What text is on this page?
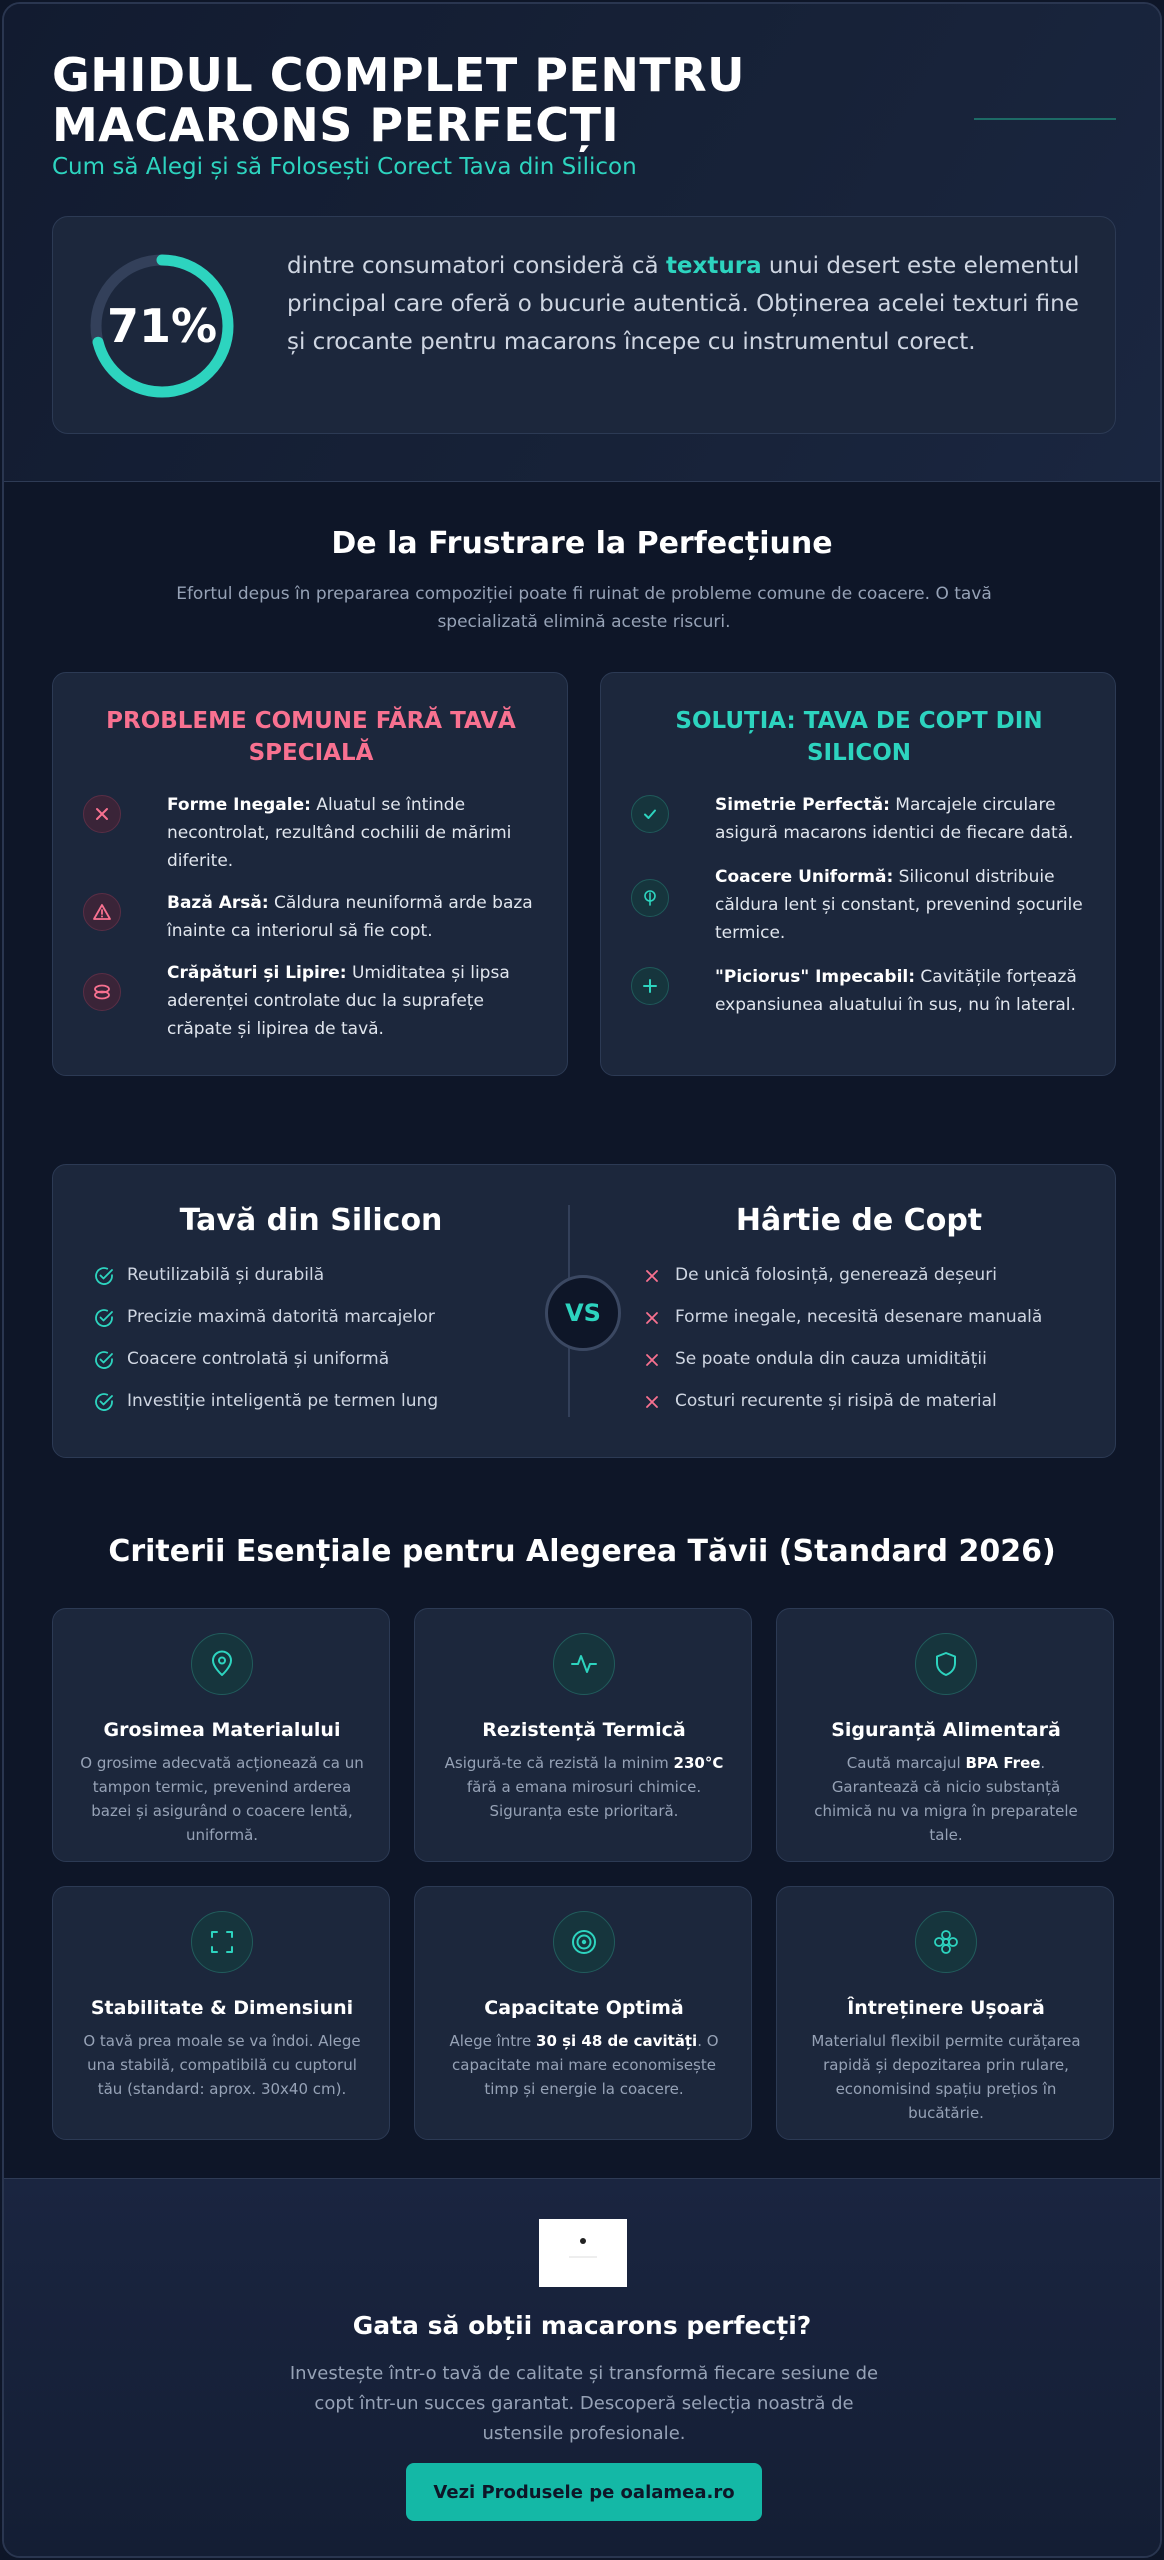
GHIDUL COMPLET PENTRU MACARONS PERFECȚI
Cum să Alegi și să Folosești Corect Tava din Silicon
71%
dintre consumatori consideră că textura unui desert este elementul principal care oferă o bucurie autentică. Obținerea acelei texturi fine și crocante pentru macarons începe cu instrumentul corect.
De la Frustrare la Perfecțiune
Efortul depus în prepararea compoziției poate fi ruinat de probleme comune de coacere. O tavă specializată elimină aceste riscuri.
PROBLEME COMUNE FĂRĂ TAVĂ SPECIALĂ
Forme Inegale: Aluatul se întinde necontrolat, rezultând cochilii de mărimi diferite.
Bază Arsă: Căldura neuniformă arde baza înainte ca interiorul să fie copt.
Crăpături și Lipire: Umiditatea și lipsa aderenței controlate duc la suprafețe crăpate și lipirea de tavă.
SOLUȚIA: TAVA DE COPT DIN SILICON
Simetrie Perfectă: Marcajele circulare asigură macarons identici de fiecare dată.
Coacere Uniformă: Siliconul distribuie căldura lent și constant, prevenind șocurile termice.
"Piciorus" Impecabil: Cavitățile forțează expansiunea aluatului în sus, nu în lateral.
Tavă din Silicon	Hârtie de Copt
VS
Reutilizabilă și durabilă
Precizie maximă datorită marcajelor
Coacere controlată și uniformă
Investiție inteligentă pe termen lung
De unică folosință, generează deșeuri
Forme inegale, necesită desenare manuală
Se poate ondula din cauza umidității
Costuri recurente și risipă de material
Criterii Esențiale pentru Alegerea Tăvii (Standard 2026)
Grosimea Materialului
O grosime adecvată acționează ca un tampon termic, prevenind arderea bazei și asigurând o coacere lentă, uniformă.
Rezistență Termică
Asigură-te că rezistă la minim 230°C fără a emana mirosuri chimice. Siguranța este prioritară.
Siguranță Alimentară
Caută marcajul BPA Free. Garantează că nicio substanță chimică nu va migra în preparatele tale.
Stabilitate & Dimensiuni
O tavă prea moale se va îndoi. Alege una stabilă, compatibilă cu cuptorul tău (standard: aprox. 30x40 cm).
Capacitate Optimă
Alege între 30 și 48 de cavități. O capacitate mai mare economisește timp și energie la coacere.
Întreținere Ușoară
Materialul flexibil permite curățarea rapidă și depozitarea prin rulare, economisind spațiu prețios în bucătărie.
Gata să obții macarons perfecți?
Investește într-o tavă de calitate și transformă fiecare sesiune de copt într-un succes garantat. Descoperă selecția noastră de ustensile profesionale.
Vezi Produsele pe oalamea.ro
